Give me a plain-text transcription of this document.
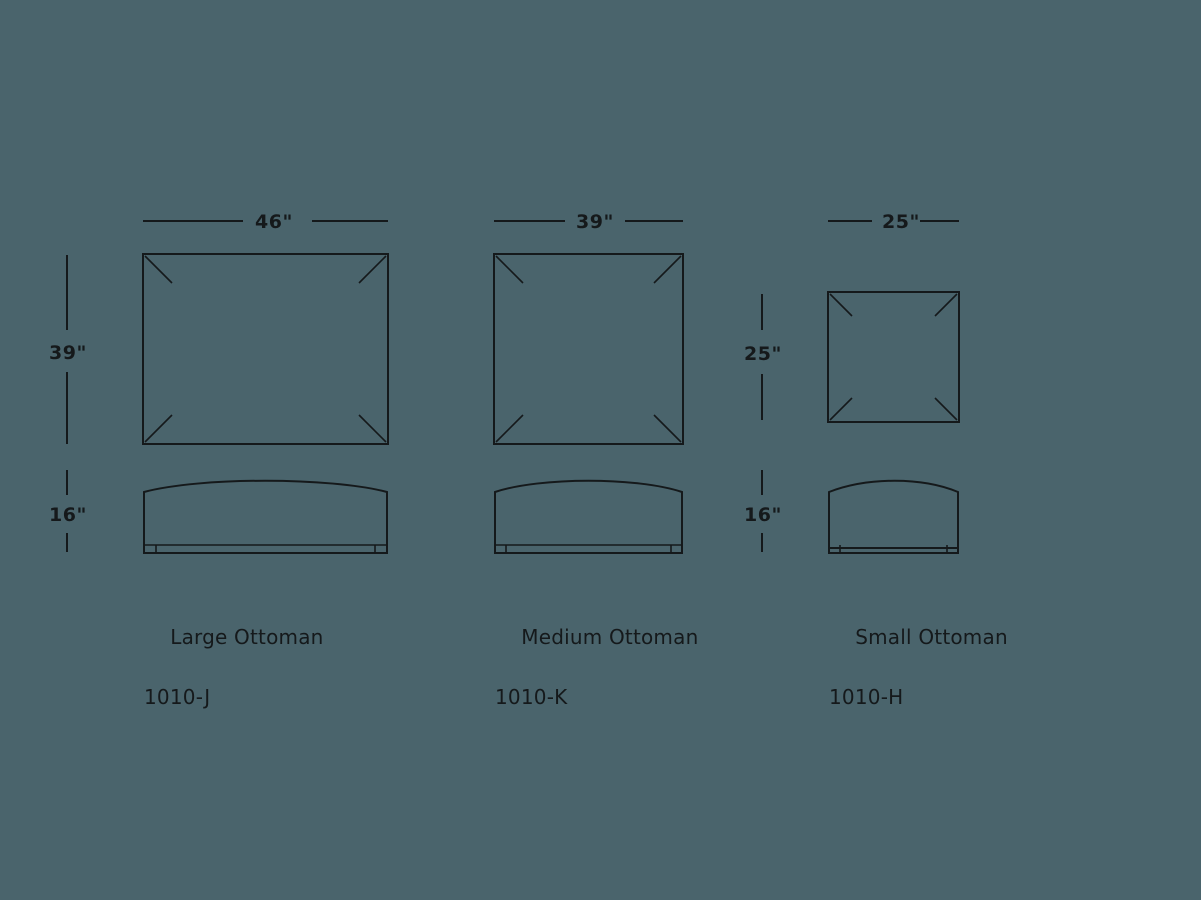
46"
39"
16"
39"	25"
25"
16"

Large Ottoman

1010-J

Medium Ottoman

1010-K

Small Ottoman

1010-H
